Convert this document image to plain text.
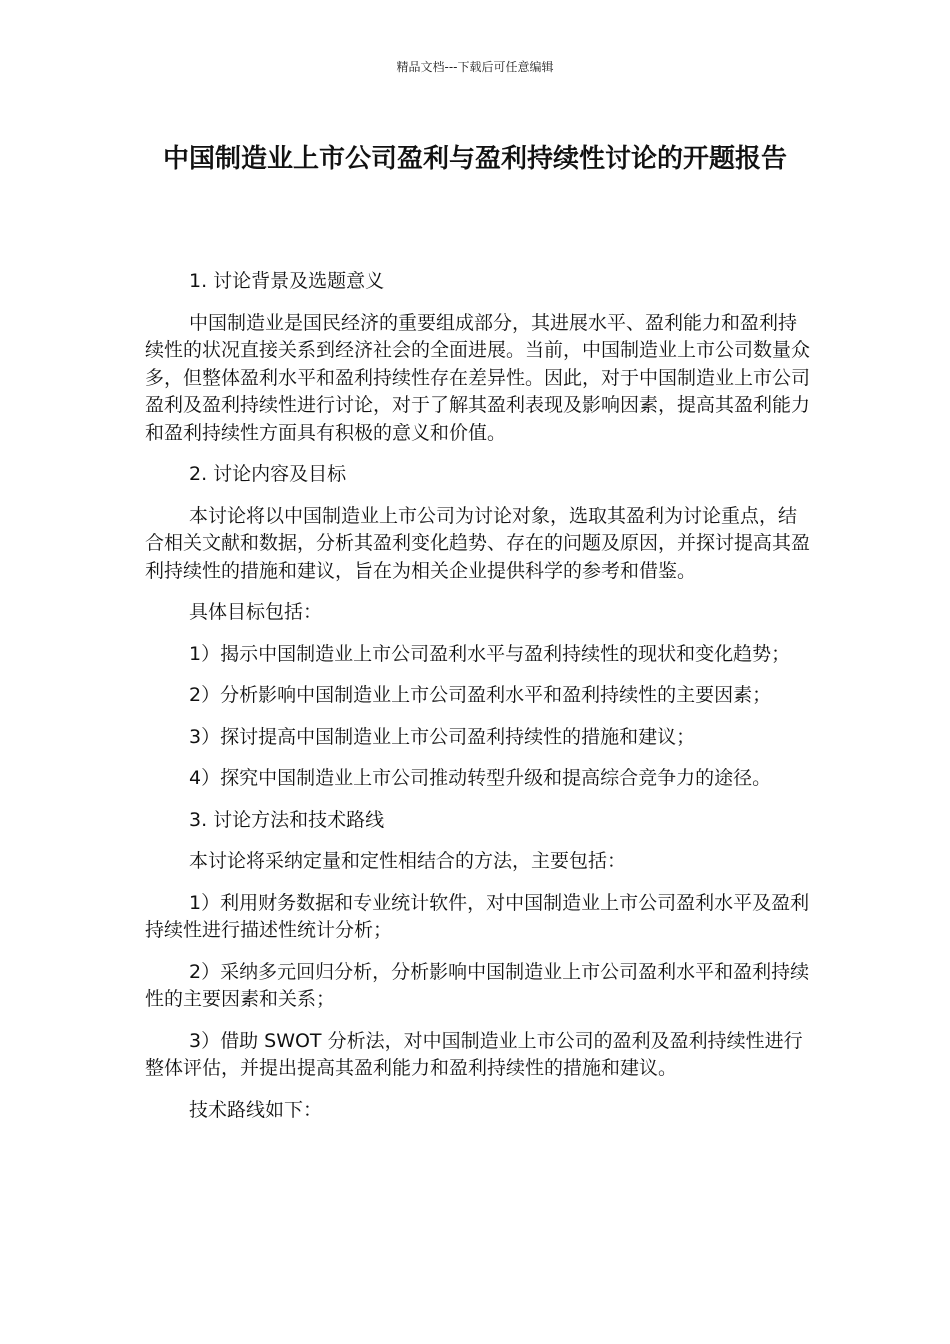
精品文档---下载后可任意编辑
中国制造业上市公司盈利与盈利持续性讨论的开题报告

1. 讨论背景及选题意义

中国制造业是国民经济的重要组成部分，其进展水平、盈利能力和盈利持续性的状况直接关系到经济社会的全面进展。当前，中国制造业上市公司数量众多，但整体盈利水平和盈利持续性存在差异性。因此，对于中国制造业上市公司盈利及盈利持续性进行讨论，对于了解其盈利表现及影响因素，提高其盈利能力和盈利持续性方面具有积极的意义和价值。

2. 讨论内容及目标

本讨论将以中国制造业上市公司为讨论对象，选取其盈利为讨论重点，结合相关文献和数据，分析其盈利变化趋势、存在的问题及原因，并探讨提高其盈利持续性的措施和建议，旨在为相关企业提供科学的参考和借鉴。

具体目标包括：

1）揭示中国制造业上市公司盈利水平与盈利持续性的现状和变化趋势；

2）分析影响中国制造业上市公司盈利水平和盈利持续性的主要因素；

3）探讨提高中国制造业上市公司盈利持续性的措施和建议；

4）探究中国制造业上市公司推动转型升级和提高综合竞争力的途径。

3. 讨论方法和技术路线

本讨论将采纳定量和定性相结合的方法，主要包括：

1）利用财务数据和专业统计软件，对中国制造业上市公司盈利水平及盈利持续性进行描述性统计分析；

2）采纳多元回归分析，分析影响中国制造业上市公司盈利水平和盈利持续性的主要因素和关系；

3）借助 SWOT 分析法，对中国制造业上市公司的盈利及盈利持续性进行整体评估，并提出提高其盈利能力和盈利持续性的措施和建议。

技术路线如下：
